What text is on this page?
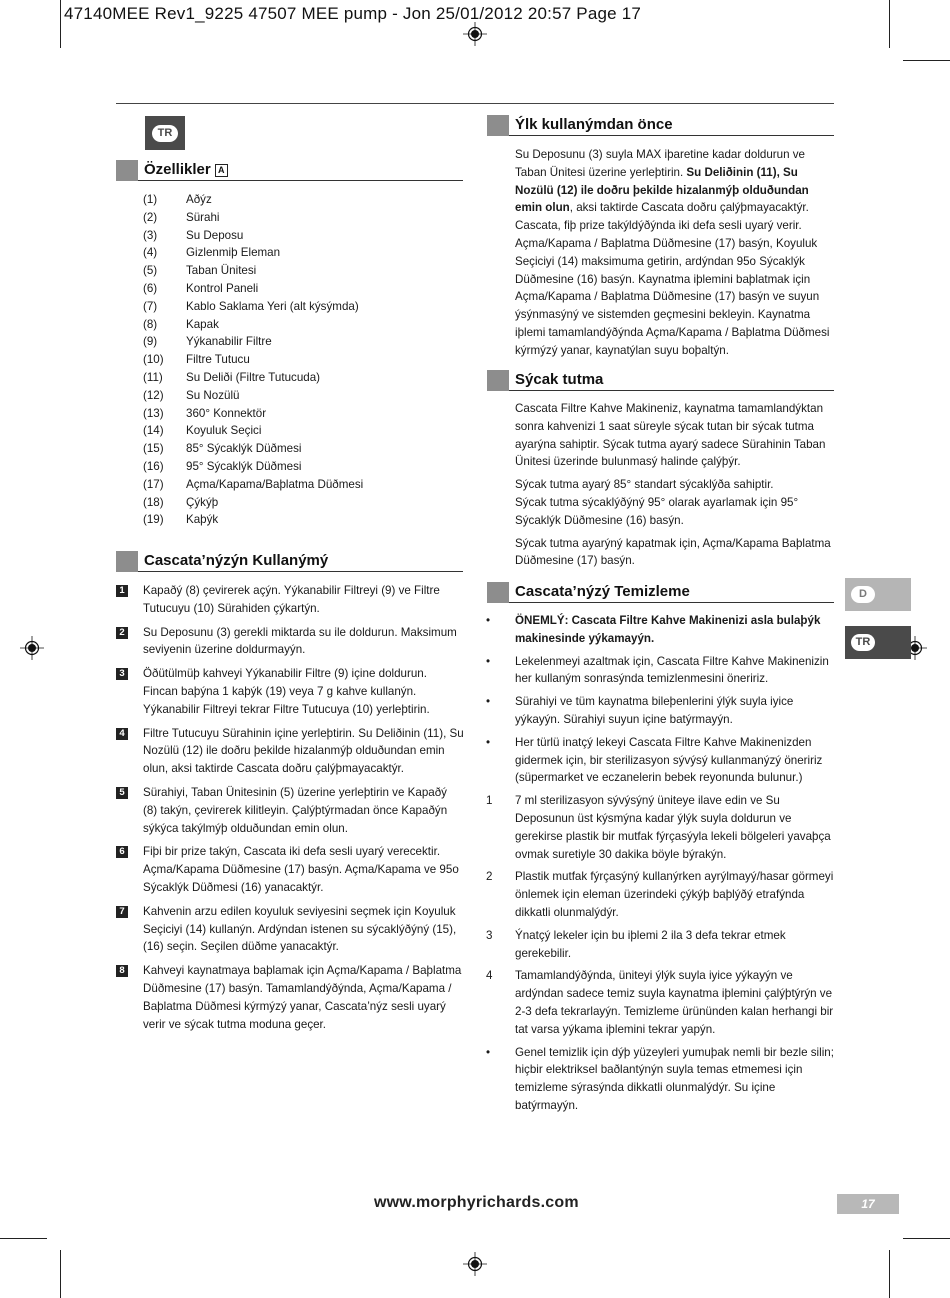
47140MEE Rev1_9225 47507 MEE pump - Jon 25/01/2012 20:57 Page 17
TR
Özellikler A
(1)	Aðýz
(2)	Sürahi
(3)	Su Deposu
(4)	Gizlenmiþ Eleman
(5)	Taban Ünitesi
(6)	Kontrol Paneli
(7)	Kablo Saklama Yeri (alt kýsýmda)
(8)	Kapak
(9)	Yýkanabilir Filtre
(10)	Filtre Tutucu
(11)	Su Deliði (Filtre Tutucuda)
(12)	Su Nozülü
(13)	360° Konnektör
(14)	Koyuluk Seçici
(15)	85° Sýcaklýk Düðmesi
(16)	95° Sýcaklýk Düðmesi
(17)	Açma/Kapama/Baþlatma Düðmesi
(18)	Çýkýþ
(19)	Kaþýk
Cascata’nýzýn Kullanýmý
1 Kapaðý (8) çevirerek açýn. Yýkanabilir Filtreyi (9) ve Filtre Tutucuyu (10) Sürahiden çýkartýn.
2 Su Deposunu (3) gerekli miktarda su ile doldurun. Maksimum seviyenin üzerine doldurmayýn.
3 Öðütülmüþ kahveyi Yýkanabilir Filtre (9) içine doldurun. Fincan baþýna 1 kaþýk (19) veya 7 g kahve kullanýn. Yýkanabilir Filtreyi tekrar Filtre Tutucuya (10) yerleþtirin.
4 Filtre Tutucuyu Sürahinin içine yerleþtirin. Su Deliðinin (11), Su Nozülü (12) ile doðru þekilde hizalanmýþ olduðundan emin olun, aksi taktirde Cascata doðru çalýþmayacaktýr.
5 Sürahiyi, Taban Ünitesinin (5) üzerine yerleþtirin ve Kapaðý (8) takýn, çevirerek kilitleyin. Çalýþtýrmadan önce Kapaðýn sýkýca takýlmýþ olduðundan emin olun.
6 Fiþi bir prize takýn, Cascata iki defa sesli uyarý verecektir. Açma/Kapama Düðmesine (17) basýn. Açma/Kapama ve 95o Sýcaklýk Düðmesi (16) yanacaktýr.
7 Kahvenin arzu edilen koyuluk seviyesini seçmek için Koyuluk Seçiciyi (14) kullanýn. Ardýndan istenen su sýcaklýðýný (15),(16) seçin. Seçilen düðme yanacaktýr.
8 Kahveyi kaynatmaya baþlamak için Açma/Kapama / Baþlatma Düðmesine (17) basýn. Tamamlandýðýnda, Açma/Kapama / Baþlatma Düðmesi kýrmýzý yanar, Cascata’nýz sesli uyarý verir ve sýcak tutma moduna geçer.
Ýlk kullanýmdan önce

Su Deposunu (3) suyla MAX iþaretine kadar doldurun ve Taban Ünitesi üzerine yerleþtirin. Su Deliðinin (11), Su Nozülü (12) ile doðru þekilde hizalanmýþ olduðundan emin olun, aksi taktirde Cascata doðru çalýþmayacaktýr. Cascata, fiþ prize takýldýðýnda iki defa sesli uyarý verir. Açma/Kapama / Baþlatma Düðmesine (17) basýn, Koyuluk Seçiciyi (14) maksimuma getirin, ardýndan 95o Sýcaklýk Düðmesine (16) basýn. Kaynatma iþlemini baþlatmak için Açma/Kapama / Baþlatma Düðmesine (17) basýn ve suyun ýsýnmasýný ve sistemden geçmesini bekleyin. Kaynatma iþlemi tamamlandýðýnda Açma/Kapama / Baþlatma Düðmesi kýrmýzý yanar, kaynatýlan suyu boþaltýn.

Sýcak tutma

Cascata Filtre Kahve Makineniz, kaynatma tamamlandýktan sonra kahvenizi 1 saat süreyle sýcak tutan bir sýcak tutma ayarýna sahiptir. Sýcak tutma ayarý sadece Sürahinin Taban Ünitesi üzerinde bulunmasý halinde çalýþýr.

Sýcak tutma ayarý 85° standart sýcaklýða sahiptir.
Sýcak tutma sýcaklýðýný 95° olarak ayarlamak için 95° Sýcaklýk Düðmesine (16) basýn.

Sýcak tutma ayarýný kapatmak için, Açma/Kapama Baþlatma Düðmesine (17) basýn.

Cascata’nýzý Temizleme
•	ÖNEMLÝ: Cascata Filtre Kahve Makinenizi asla bulaþýk makinesinde yýkamayýn.
•	Lekelenmeyi azaltmak için, Cascata Filtre Kahve Makinenizin her kullaným sonrasýnda temizlenmesini öneririz.
•	Sürahiyi ve tüm kaynatma bileþenlerini ýlýk suyla iyice yýkayýn. Sürahiyi suyun içine batýrmayýn.
•	Her türlü inatçý lekeyi Cascata Filtre Kahve Makinenizden gidermek için, bir sterilizasyon sývýsý kullanmanýzý öneririz (süpermarket ve eczanelerin bebek reyonunda bulunur.)
1	7 ml sterilizasyon sývýsýný üniteye ilave edin ve Su Deposunun üst kýsmýna kadar ýlýk suyla doldurun ve gerekirse plastik bir mutfak fýrçasýyla lekeli bölgeleri yavaþça ovmak suretiyle 30 dakika böyle býrakýn.
2	Plastik mutfak fýrçasýný kullanýrken ayrýlmayý/hasar görmeyi önlemek için eleman üzerindeki çýkýþ baþlýðý etrafýnda dikkatli olunmalýdýr.
3	Ýnatçý lekeler için bu iþlemi 2 ila 3 defa tekrar etmek gerekebilir.
4	Tamamlandýðýnda, üniteyi ýlýk suyla iyice yýkayýn ve ardýndan sadece temiz suyla kaynatma iþlemini çalýþtýrýn ve 2-3 defa tekrarlayýn. Temizleme ürününden kalan herhangi bir tat varsa yýkama iþlemini tekrar yapýn.
•	Genel temizlik için dýþ yüzeyleri yumuþak nemli bir bezle silin; hiçbir elektriksel baðlantýnýn suyla temas etmemesi için temizleme sýrasýnda dikkatli olunmalýdýr. Su içine batýrmayýn.
D
TR
www.morphyrichards.com	17
